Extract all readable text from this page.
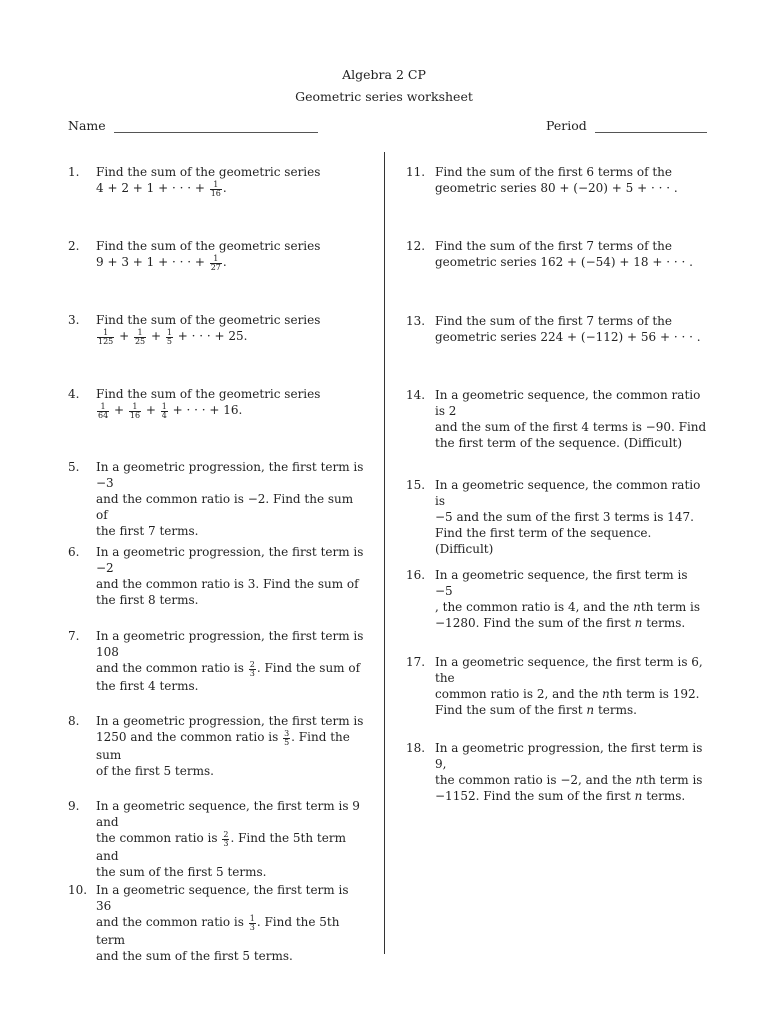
Algebra 2 CP
Geometric series worksheet
Name	Period
1. Find the sum of the geometric series
4 + 2 + 1 + · · · + $\frac{1}{16}$ .
2. Find the sum of the geometric series
9 + 3 + 1 + · · · + $\frac{1}{27}$ .
3. Find the sum of the geometric series
$\frac{1}{125} + \frac{1}{25} + \frac{1}{5}$ + · · · + 25.
4. Find the sum of the geometric series
$\frac{1}{64} + \frac{1}{16} + \frac{1}{4}$ + · · · + 16.
5. In a geometric progression, the first term is −3
and the common ratio is −2. Find the sum of
the first 7 terms.
6. In a geometric progression, the first term is −2
and the common ratio is 3. Find the sum of
the first 8 terms.
7. In a geometric progression, the first term is 108
and the common ratio is $\frac{2}{3}$ . Find the sum of
the first 4 terms.
8. In a geometric progression, the first term is
1250 and the common ratio is $\frac{3}{5}$ . Find the sum
of the first 5 terms.
9. In a geometric sequence, the first term is 9 and
the common ratio is $\frac{2}{3}$ . Find the 5th term and
the sum of the first 5 terms.
10. In a geometric sequence, the first term is 36
and the common ratio is $\frac{1}{3}$ . Find the 5th term
and the sum of the first 5 terms.
11. Find the sum of the first 6 terms of the
geometric series 80 + (−20) + 5 + · · · .
12. Find the sum of the first 7 terms of the
geometric series 162 + (−54) + 18 + · · · .
13. Find the sum of the first 7 terms of the
geometric series 224 + (−112) + 56 + · · · .
14. In a geometric sequence, the common ratio is 2
and the sum of the first 4 terms is −90. Find
the first term of the sequence. (Difficult)
15. In a geometric sequence, the common ratio is
−5 and the sum of the first 3 terms is 147.
Find the first term of the sequence. (Difficult)
16. In a geometric sequence, the first term is −5
, the common ratio is 4, and the nth term is
−1280. Find the sum of the first n terms.
17. In a geometric sequence, the first term is 6, the
common ratio is 2, and the nth term is 192.
Find the sum of the first n terms.
18. In a geometric progression, the first term is 9,
the common ratio is −2, and the nth term is
−1152. Find the sum of the first n terms.
